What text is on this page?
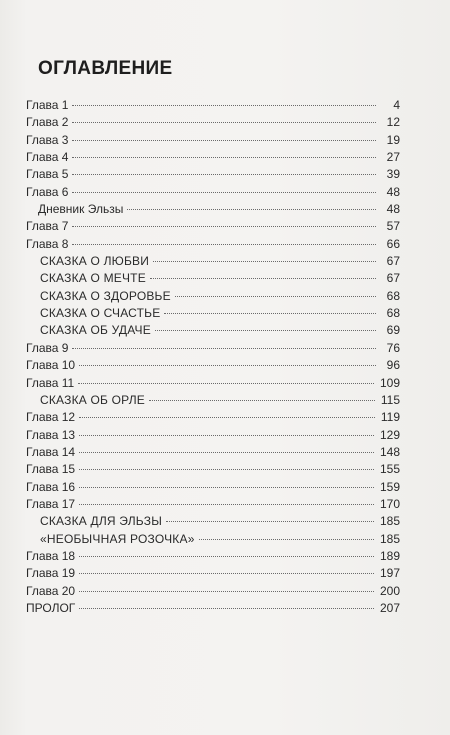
ОГЛАВЛЕНИЕ
Глава 1	4
Глава 2	12
Глава 3	19
Глава 4	27
Глава 5	39
Глава 6	48
Дневник Эльзы	48
Глава 7	57
Глава 8	66
СКАЗКА О ЛЮБВИ	67
СКАЗКА О МЕЧТЕ	67
СКАЗКА О ЗДОРОВЬЕ	68
СКАЗКА О СЧАСТЬЕ	68
СКАЗКА ОБ УДАЧЕ	69
Глава 9	76
Глава 10	96
Глава 11	109
СКАЗКА ОБ ОРЛЕ	115
Глава 12	119
Глава 13	129
Глава 14	148
Глава 15	155
Глава 16	159
Глава 17	170
СКАЗКА ДЛЯ ЭЛЬЗЫ	185
«НЕОБЫЧНАЯ РОЗОЧКА»	185
Глава 18	189
Глава 19	197
Глава 20	200
ПРОЛОГ	207
